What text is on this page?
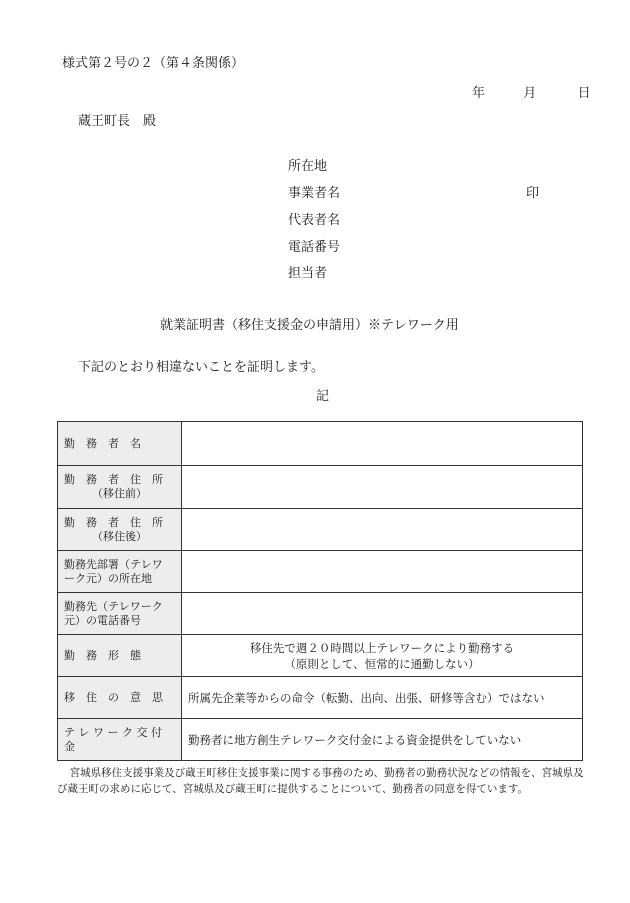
様式第２号の２（第４条関係）
年	月	日
蔵王町長　殿
所在地
事業者名	印
代表者名
電話番号
担当者
就業証明書（移住支援金の申請用）※テレワーク用
下記のとおり相違ないことを証明します。
記
勤　務　者　名	

勤　務　者　住　所
（移住前）	

勤　務　者　住　所
（移住後）	

勤務先部署（テレワ
ーク元）の所在地	

勤務先（テレワーク
元）の電話番号	

勤　務　形　態	移住先で週２０時間以上テレワークにより勤務する
（原則として、恒常的に通勤しない）

移　住　の　意　思	所属先企業等からの命令（転勤、出向、出張、研修等含む）ではない

テ レ ワ ー ク 交 付 金	勤務者に地方創生テレワーク交付金による資金提供をしていない
宮城県移住支援事業及び蔵王町移住支援事業に関する事務のため、勤務者の勤務状況などの情報を、宮城県及び蔵王町の求めに応じて、宮城県及び蔵王町に提供することについて、勤務者の同意を得ています。
